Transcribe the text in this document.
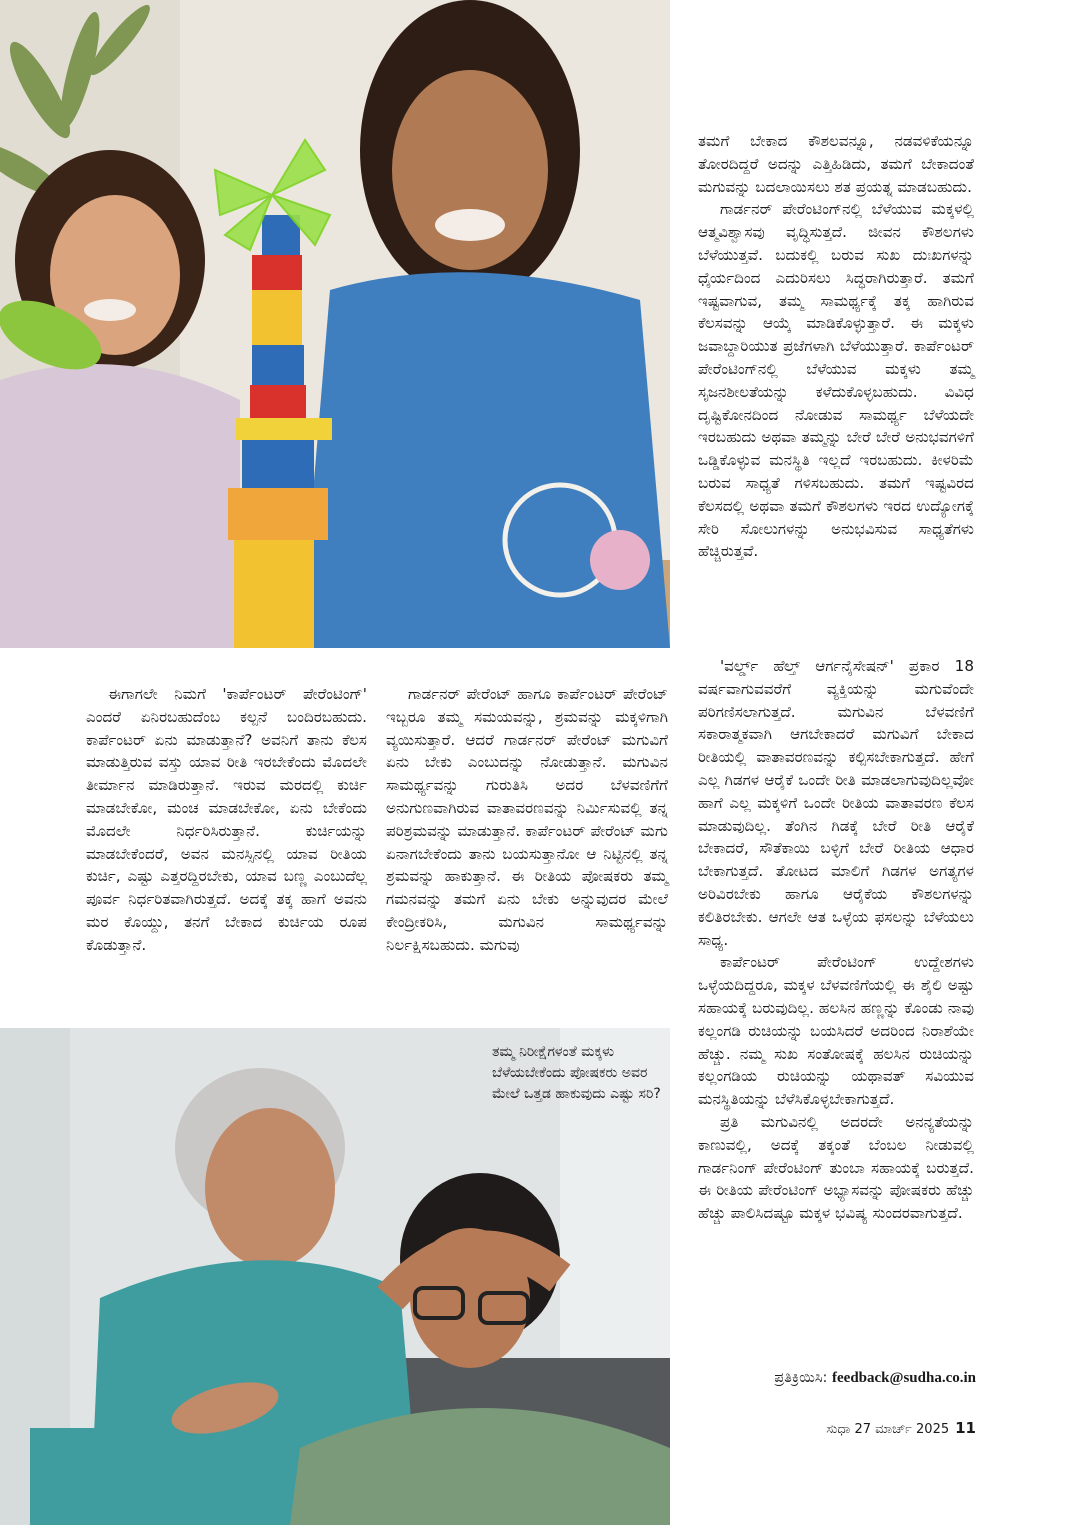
ತಮಗೆ ಬೇಕಾದ ಕೌಶಲವನ್ನೂ, ನಡವಳಿಕೆಯನ್ನೂ ತೋರದಿದ್ದರೆ ಅದನ್ನು ಎತ್ತಿಹಿಡಿದು, ತಮಗೆ ಬೇಕಾದಂತೆ ಮಗುವನ್ನು ಬದಲಾಯಿಸಲು ಶತ ಪ್ರಯತ್ನ ಮಾಡಬಹುದು.

ಗಾರ್ಡನರ್ ಪೇರೆಂಟಿಂಗ್‌ನಲ್ಲಿ ಬೆಳೆಯುವ ಮಕ್ಕಳಲ್ಲಿ ಆತ್ಮವಿಶ್ವಾಸವು ವೃದ್ಧಿಸುತ್ತದೆ. ಜೀವನ ಕೌಶಲಗಳು ಬೆಳೆಯುತ್ತವೆ. ಬದುಕಲ್ಲಿ ಬರುವ ಸುಖ ದುಃಖಗಳನ್ನು ಧೈರ್ಯದಿಂದ ಎದುರಿಸಲು ಸಿದ್ಧರಾಗಿರುತ್ತಾರೆ. ತಮಗೆ ಇಷ್ಟವಾಗುವ, ತಮ್ಮ ಸಾಮರ್ಥ್ಯಕ್ಕೆ ತಕ್ಕ ಹಾಗಿರುವ ಕೆಲಸವನ್ನು ಆಯ್ಕೆ ಮಾಡಿಕೊಳ್ಳುತ್ತಾರೆ. ಈ ಮಕ್ಕಳು ಜವಾಬ್ದಾರಿಯುತ ಪ್ರಜೆಗಳಾಗಿ ಬೆಳೆಯುತ್ತಾರೆ. ಕಾರ್ಪೆಂಟರ್ ಪೇರೆಂಟಿಂಗ್‌ನಲ್ಲಿ ಬೆಳೆಯುವ ಮಕ್ಕಳು ತಮ್ಮ ಸೃಜನಶೀಲತೆಯನ್ನು ಕಳೆದುಕೊಳ್ಳಬಹುದು. ವಿವಿಧ ದೃಷ್ಟಿಕೋನದಿಂದ ನೋಡುವ ಸಾಮರ್ಥ್ಯ ಬೆಳೆಯದೇ ಇರಬಹುದು ಅಥವಾ ತಮ್ಮನ್ನು ಬೇರೆ ಬೇರೆ ಅನುಭವಗಳಿಗೆ ಒಡ್ಡಿಕೊಳ್ಳುವ ಮನಸ್ಥಿತಿ ಇಲ್ಲದೆ ಇರಬಹುದು. ಕೀಳರಿಮೆ ಬರುವ ಸಾಧ್ಯತೆ ಗಳಿಸಬಹುದು. ತಮಗೆ ಇಷ್ಟವಿರದ ಕೆಲಸದಲ್ಲಿ ಅಥವಾ ತಮಗೆ ಕೌಶಲಗಳು ಇರದ ಉದ್ಯೋಗಕ್ಕೆ ಸೇರಿ ಸೋಲುಗಳನ್ನು ಅನುಭವಿಸುವ ಸಾಧ್ಯತೆಗಳು ಹೆಚ್ಚಿರುತ್ತವೆ.

ಈಗಾಗಲೇ ನಿಮಗೆ 'ಕಾರ್ಪೆಂಟರ್ ಪೇರೆಂಟಿಂಗ್' ಎಂದರೆ ಏನಿರಬಹುದೆಂಬ ಕಲ್ಪನೆ ಬಂದಿರಬಹುದು. ಕಾರ್ಪೆಂಟರ್ ಏನು ಮಾಡುತ್ತಾನೆ? ಅವನಿಗೆ ತಾನು ಕೆಲಸ ಮಾಡುತ್ತಿರುವ ವಸ್ತು ಯಾವ ರೀತಿ ಇರಬೇಕೆಂದು ಮೊದಲೇ ತೀರ್ಮಾನ ಮಾಡಿರುತ್ತಾನೆ. ಇರುವ ಮರದಲ್ಲಿ ಕುರ್ಚಿ ಮಾಡಬೇಕೋ, ಮಂಚ ಮಾಡಬೇಕೋ, ಏನು ಬೇಕೆಂದು ಮೊದಲೇ ನಿರ್ಧರಿಸಿರುತ್ತಾನೆ. ಕುರ್ಚಿಯನ್ನು ಮಾಡಬೇಕೆಂದರೆ, ಅವನ ಮನಸ್ಸಿನಲ್ಲಿ ಯಾವ ರೀತಿಯ ಕುರ್ಚಿ, ಎಷ್ಟು ಎತ್ತರದ್ದಿರಬೇಕು, ಯಾವ ಬಣ್ಣ ಎಂಬುದೆಲ್ಲ ಪೂರ್ವ ನಿರ್ಧರಿತವಾಗಿರುತ್ತದೆ. ಅದಕ್ಕೆ ತಕ್ಕ ಹಾಗೆ ಅವನು ಮರ ಕೊಯ್ದು, ತನಗೆ ಬೇಕಾದ ಕುರ್ಚಿಯ ರೂಪ ಕೊಡುತ್ತಾನೆ.

ಗಾರ್ಡನರ್ ಪೇರೆಂಟ್ ಹಾಗೂ ಕಾರ್ಪೆಂಟರ್ ಪೇರೆಂಟ್ ಇಬ್ಬರೂ ತಮ್ಮ ಸಮಯವನ್ನು, ಶ್ರಮವನ್ನು ಮಕ್ಕಳಿಗಾಗಿ ವ್ಯಯಿಸುತ್ತಾರೆ. ಆದರೆ ಗಾರ್ಡನರ್ ಪೇರೆಂಟ್ ಮಗುವಿಗೆ ಏನು ಬೇಕು ಎಂಬುದನ್ನು ನೋಡುತ್ತಾನೆ. ಮಗುವಿನ ಸಾಮರ್ಥ್ಯವನ್ನು ಗುರುತಿಸಿ ಅದರ ಬೆಳವಣಿಗೆಗೆ ಅನುಗುಣವಾಗಿರುವ ವಾತಾವರಣವನ್ನು ನಿರ್ಮಿಸುವಲ್ಲಿ ತನ್ನ ಪರಿಶ್ರಮವನ್ನು ಮಾಡುತ್ತಾನೆ. ಕಾರ್ಪೆಂಟರ್ ಪೇರೆಂಟ್ ಮಗು ಏನಾಗಬೇಕೆಂದು ತಾನು ಬಯಸುತ್ತಾನೋ ಆ ನಿಟ್ಟಿನಲ್ಲಿ ತನ್ನ ಶ್ರಮವನ್ನು ಹಾಕುತ್ತಾನೆ. ಈ ರೀತಿಯ ಪೋಷಕರು ತಮ್ಮ ಗಮನವನ್ನು ತಮಗೆ ಏನು ಬೇಕು ಅನ್ನುವುದರ ಮೇಲೆ ಕೇಂದ್ರೀಕರಿಸಿ, ಮಗುವಿನ ಸಾಮರ್ಥ್ಯವನ್ನು ನಿರ್ಲಕ್ಷಿಸಬಹುದು. ಮಗುವು

'ವರ್ಲ್ಡ್ ಹೆಲ್ತ್ ಆರ್ಗನೈಸೇಷನ್' ಪ್ರಕಾರ 18 ವರ್ಷವಾಗುವವರೆಗೆ ವ್ಯಕ್ತಿಯನ್ನು ಮಗುವೆಂದೇ ಪರಿಗಣಿಸಲಾಗುತ್ತದೆ. ಮಗುವಿನ ಬೆಳವಣಿಗೆ ಸಕಾರಾತ್ಮಕವಾಗಿ ಆಗಬೇಕಾದರೆ ಮಗುವಿಗೆ ಬೇಕಾದ ರೀತಿಯಲ್ಲಿ ವಾತಾವರಣವನ್ನು ಕಲ್ಪಿಸಬೇಕಾಗುತ್ತದೆ. ಹೇಗೆ ಎಲ್ಲ ಗಿಡಗಳ ಆರೈಕೆ ಒಂದೇ ರೀತಿ ಮಾಡಲಾಗುವುದಿಲ್ಲವೋ ಹಾಗೆ ಎಲ್ಲ ಮಕ್ಕಳಿಗೆ ಒಂದೇ ರೀತಿಯ ವಾತಾವರಣ ಕೆಲಸ ಮಾಡುವುದಿಲ್ಲ. ತೆಂಗಿನ ಗಿಡಕ್ಕೆ ಬೇರೆ ರೀತಿ ಆರೈಕೆ ಬೇಕಾದರೆ, ಸೌತೆಕಾಯಿ ಬಳ್ಳಿಗೆ ಬೇರೆ ರೀತಿಯ ಆಧಾರ ಬೇಕಾಗುತ್ತದೆ. ತೋಟದ ಮಾಲಿಗೆ ಗಿಡಗಳ ಅಗತ್ಯಗಳ ಅರಿವಿರಬೇಕು ಹಾಗೂ ಆರೈಕೆಯ ಕೌಶಲಗಳನ್ನು ಕಲಿತಿರಬೇಕು. ಆಗಲೇ ಆತ ಒಳ್ಳೆಯ ಫಸಲನ್ನು ಬೆಳೆಯಲು ಸಾಧ್ಯ.

ಕಾರ್ಪೆಂಟರ್ ಪೇರೆಂಟಿಂಗ್ ಉದ್ದೇಶಗಳು ಒಳ್ಳೆಯದಿದ್ದರೂ, ಮಕ್ಕಳ ಬೆಳವಣಿಗೆಯಲ್ಲಿ ಈ ಶೈಲಿ ಅಷ್ಟು ಸಹಾಯಕ್ಕೆ ಬರುವುದಿಲ್ಲ. ಹಲಸಿನ ಹಣ್ಣನ್ನು ಕೊಂಡು ನಾವು ಕಲ್ಲಂಗಡಿ ರುಚಿಯನ್ನು ಬಯಸಿದರೆ ಅದರಿಂದ ನಿರಾಶೆಯೇ ಹೆಚ್ಚು. ನಮ್ಮ ಸುಖ ಸಂತೋಷಕ್ಕೆ ಹಲಸಿನ ರುಚಿಯನ್ನು ಕಲ್ಲಂಗಡಿಯ ರುಚಿಯನ್ನು ಯಥಾವತ್ ಸವಿಯುವ ಮನಸ್ಥಿತಿಯನ್ನು ಬೆಳೆಸಿಕೊಳ್ಳಬೇಕಾಗುತ್ತದೆ.

ಪ್ರತಿ ಮಗುವಿನಲ್ಲಿ ಅದರದೇ ಅನನ್ಯತೆಯನ್ನು ಕಾಣುವಲ್ಲಿ, ಅದಕ್ಕೆ ತಕ್ಕಂತೆ ಬೆಂಬಲ ನೀಡುವಲ್ಲಿ ಗಾರ್ಡನಿಂಗ್ ಪೇರೆಂಟಿಂಗ್ ತುಂಬಾ ಸಹಾಯಕ್ಕೆ ಬರುತ್ತದೆ. ಈ ರೀತಿಯ ಪೇರೆಂಟಿಂಗ್ ಅಭ್ಯಾಸವನ್ನು ಪೋಷಕರು ಹೆಚ್ಚು ಹೆಚ್ಚು ಪಾಲಿಸಿದಷ್ಟೂ ಮಕ್ಕಳ ಭವಿಷ್ಯ ಸುಂದರವಾಗುತ್ತದೆ.

ತಮ್ಮ ನಿರೀಕ್ಷೆಗಳಂತೆ ಮಕ್ಕಳು ಬೆಳೆಯಬೇಕೆಂದು ಪೋಷಕರು ಅವರ ಮೇಲೆ ಒತ್ತಡ ಹಾಕುವುದು ಎಷ್ಟು ಸರಿ?
ಪ್ರತಿಕ್ರಿಯಿಸಿ: feedback@sudha.co.in
ಸುಧಾ 27 ಮಾರ್ಚ್ 2025 11
